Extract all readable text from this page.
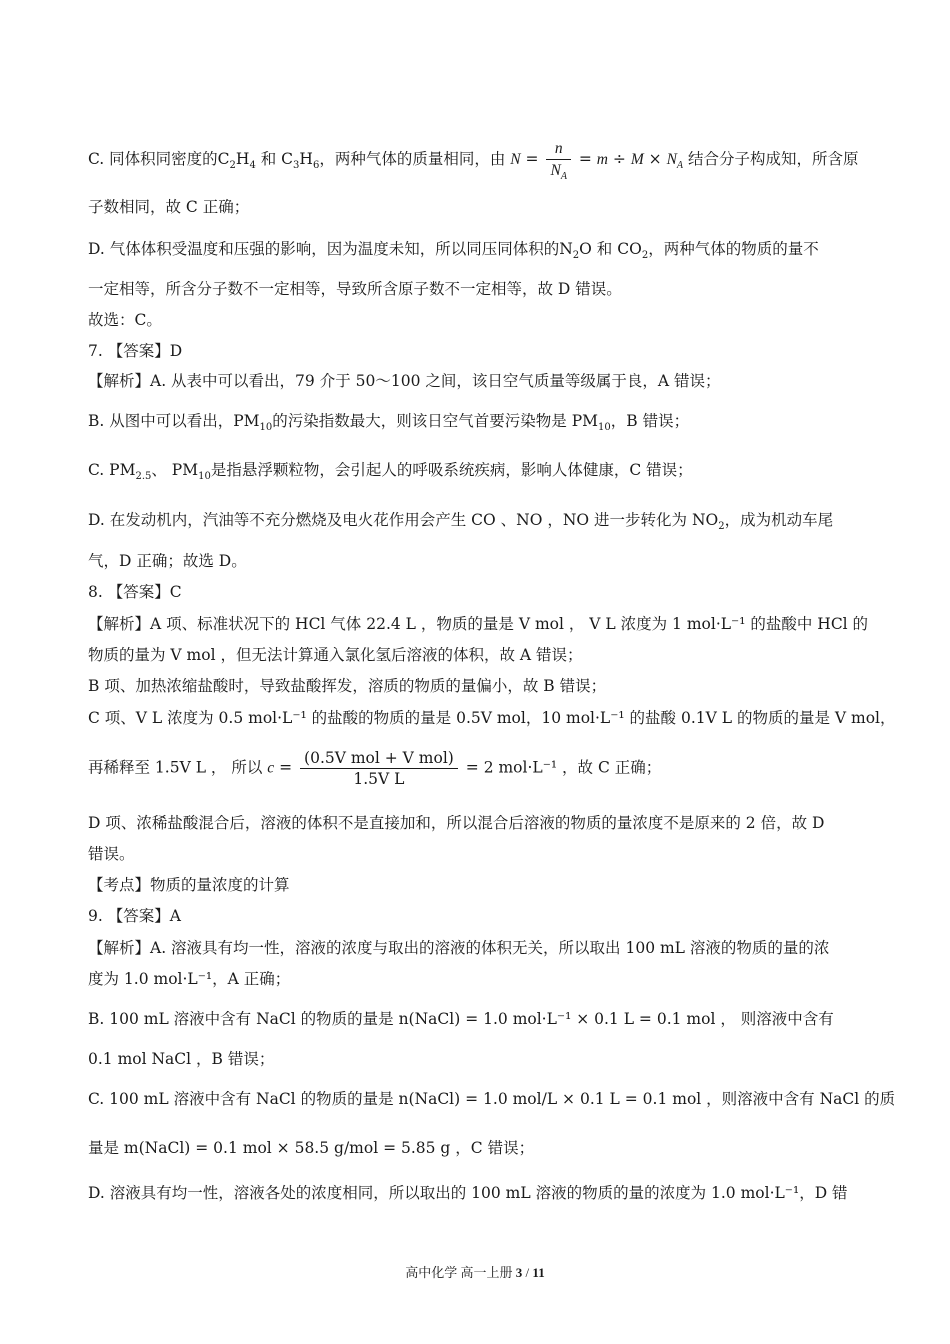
C. 同体积同密度的$C_2H_4$ 和 $C_3H_6$，两种气体的质量相同，由 $N = \frac{n}{N_A} = m \div M \times N_A$ 结合分子构成知，所含原
子数相同，故 C 正确；
D. 气体体积受温度和压强的影响，因为温度未知，所以同压同体积的$N_2O$ 和 $CO_2$，两种气体的物质的量不
一定相等，所含分子数不一定相等，导致所含原子数不一定相等，故 D 错误。
故选：C。
7. 【答案】D
【解析】A. 从表中可以看出，79 介于 50～100 之间，该日空气质量等级属于良，A 错误；
B. 从图中可以看出，$PM_{10}$的污染指数最大，则该日空气首要污染物是 $PM_{10}$，B 错误；
C. $PM_{2.5}$、 $PM_{10}$是指悬浮颗粒物，会引起人的呼吸系统疾病，影响人体健康，C 错误；
D. 在发动机内，汽油等不充分燃烧及电火花作用会产生 CO 、NO ，NO 进一步转化为 $NO_2$，成为机动车尾
气，D 正确；故选 D。
8. 【答案】C
【解析】A 项、标准状况下的 HCl 气体 22.4 L ，物质的量是 V mol ， V L 浓度为 1 mol·L⁻¹ 的盐酸中 HCl 的
物质的量为 V mol ，但无法计算通入氯化氢后溶液的体积，故 A 错误；
B 项、加热浓缩盐酸时，导致盐酸挥发，溶质的物质的量偏小，故 B 错误；
C 项、V L 浓度为 0.5 mol·L⁻¹ 的盐酸的物质的量是 0.5V mol，10 mol·L⁻¹ 的盐酸 0.1V L 的物质的量是 V mol，
再稀释至 1.5V L ， 所以 $c = \frac{\text{(0.5V mol + V mol)}}{\text{1.5V L}} = 2$ mol·L⁻¹ ，故 C 正确；
D 项、浓稀盐酸混合后，溶液的体积不是直接加和，所以混合后溶液的物质的量浓度不是原来的 2 倍，故 D
错误。
【考点】物质的量浓度的计算
9. 【答案】A
【解析】A. 溶液具有均一性，溶液的浓度与取出的溶液的体积无关，所以取出 100 mL 溶液的物质的量的浓
度为 1.0 mol·L⁻¹，A 正确；
B. 100 mL 溶液中含有 NaCl 的物质的量是 n(NaCl) = 1.0 mol·L⁻¹ × 0.1 L = 0.1 mol ， 则溶液中含有
0.1 mol NaCl ，B 错误；
C. 100 mL 溶液中含有 NaCl 的物质的量是 n(NaCl) = 1.0 mol/L × 0.1 L = 0.1 mol ，则溶液中含有 NaCl 的质
量是 m(NaCl) = 0.1 mol × 58.5 g/mol = 5.85 g ，C 错误；
D. 溶液具有均一性，溶液各处的浓度相同，所以取出的 100 mL 溶液的物质的量的浓度为 1.0 mol·L⁻¹，D 错
高中化学 高一上册 3 / 11
